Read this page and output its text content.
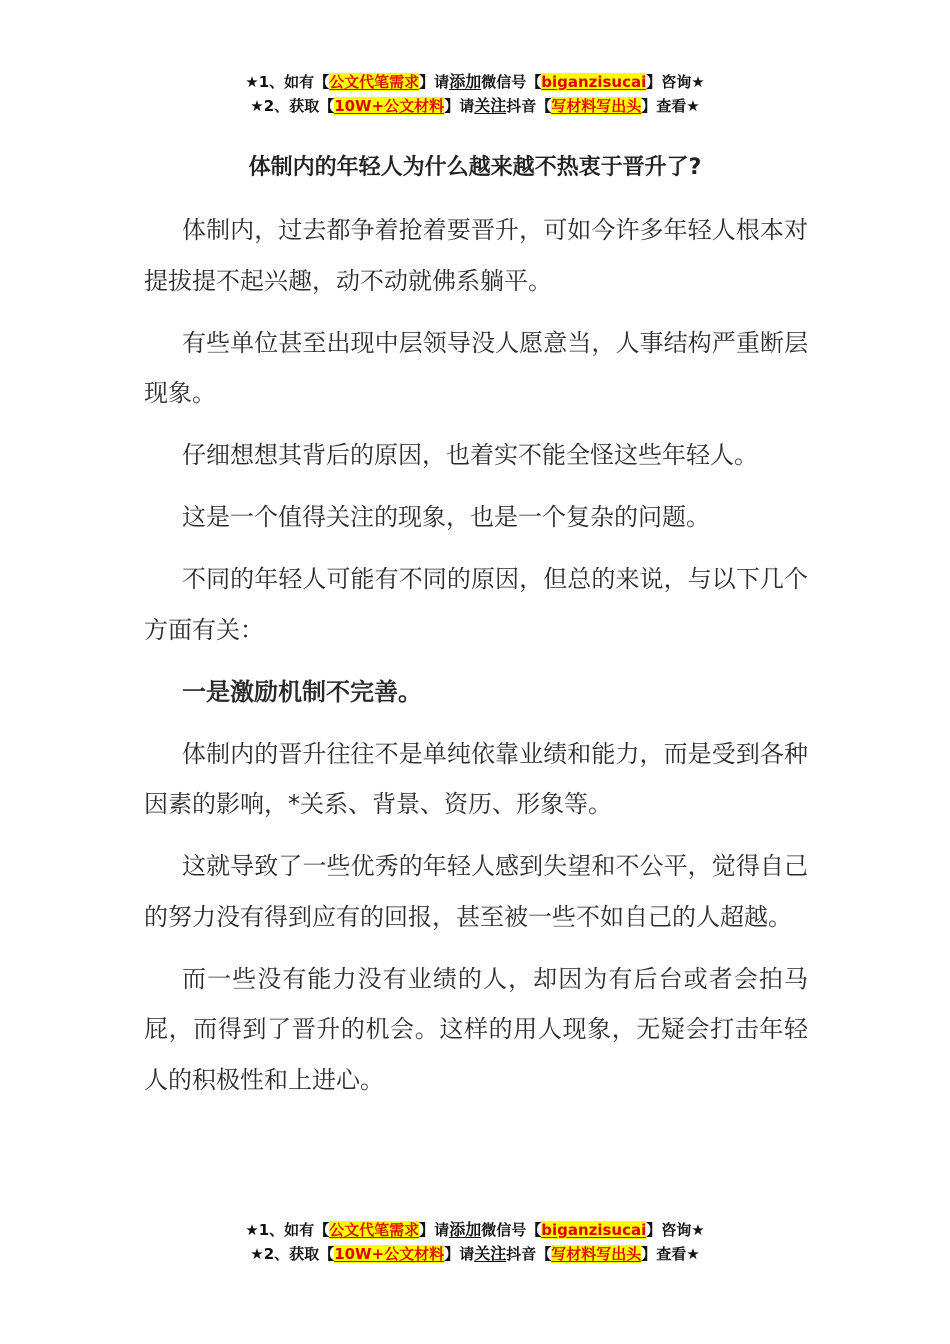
★1、如有【公文代笔需求】请添加微信号【biganzisucai】咨询★
★2、获取【10W+公文材料】请关注抖音【写材料写出头】查看★
体制内的年轻人为什么越来越不热衷于晋升了?

体制内，过去都争着抢着要晋升，可如今许多年轻人根本对提拔提不起兴趣，动不动就佛系躺平。

有些单位甚至出现中层领导没人愿意当，人事结构严重断层现象。

仔细想想其背后的原因，也着实不能全怪这些年轻人。

这是一个值得关注的现象，也是一个复杂的问题。

不同的年轻人可能有不同的原因，但总的来说，与以下几个方面有关：

一是激励机制不完善。

体制内的晋升往往不是单纯依靠业绩和能力，而是受到各种因素的影响，*关系、背景、资历、形象等。

这就导致了一些优秀的年轻人感到失望和不公平，觉得自己的努力没有得到应有的回报，甚至被一些不如自己的人超越。

而一些没有能力没有业绩的人，却因为有后台或者会拍马屁，而得到了晋升的机会。这样的用人现象，无疑会打击年轻人的积极性和上进心。

★1、如有【公文代笔需求】请添加微信号【biganzisucai】咨询★
★2、获取【10W+公文材料】请关注抖音【写材料写出头】查看★
